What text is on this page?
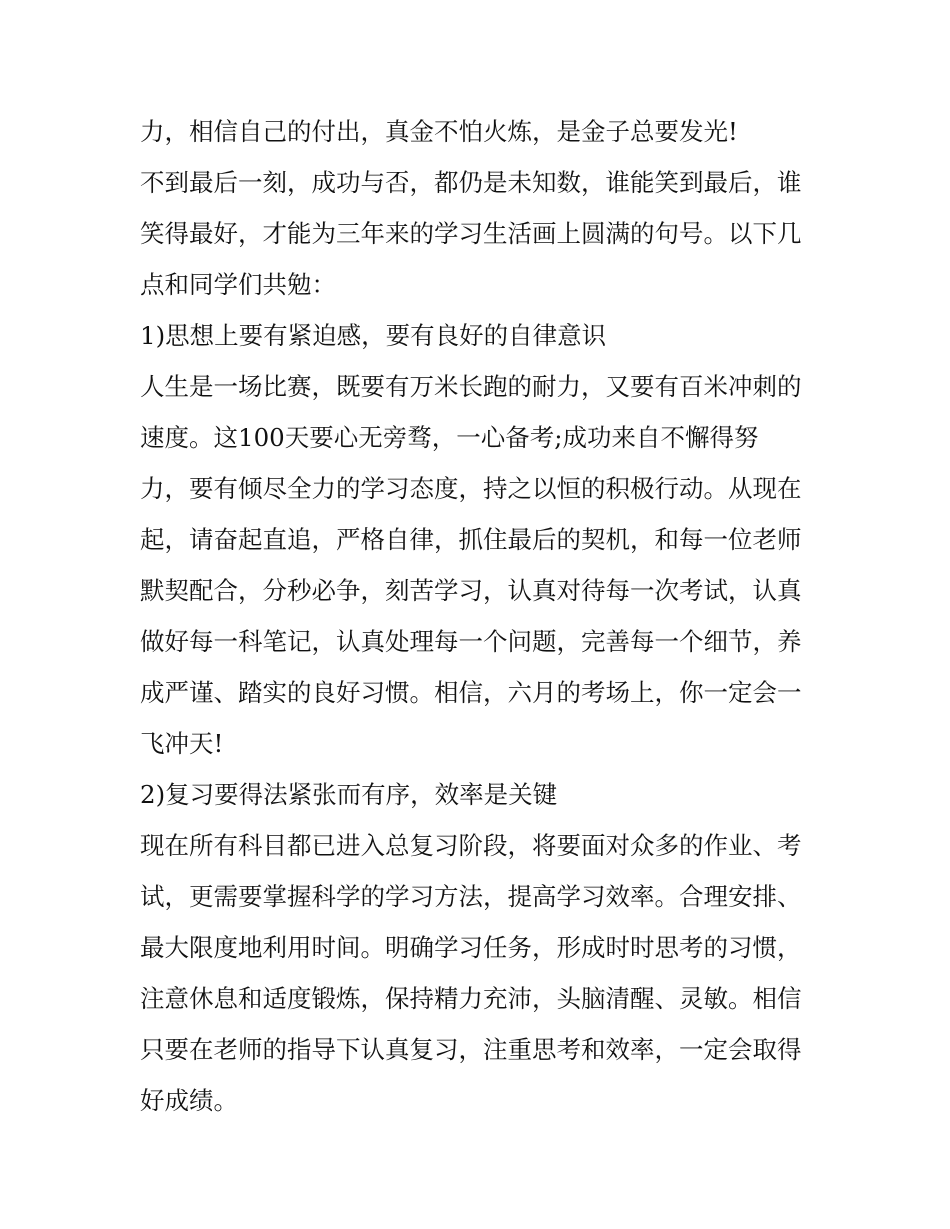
力，相信自己的付出，真金不怕火炼，是金子总要发光!
不到最后一刻，成功与否，都仍是未知数，谁能笑到最后，谁
笑得最好，才能为三年来的学习生活画上圆满的句号。以下几
点和同学们共勉：
1)思想上要有紧迫感，要有良好的自律意识
人生是一场比赛，既要有万米长跑的耐力，又要有百米冲刺的
速度。这100天要心无旁骛，一心备考;成功来自不懈得努
力，要有倾尽全力的学习态度，持之以恒的积极行动。从现在
起，请奋起直追，严格自律，抓住最后的契机，和每一位老师
默契配合，分秒必争，刻苦学习，认真对待每一次考试，认真
做好每一科笔记，认真处理每一个问题，完善每一个细节，养
成严谨、踏实的良好习惯。相信，六月的考场上，你一定会一
飞冲天!
2)复习要得法紧张而有序，效率是关键
现在所有科目都已进入总复习阶段，将要面对众多的作业、考
试，更需要掌握科学的学习方法，提高学习效率。合理安排、
最大限度地利用时间。明确学习任务，形成时时思考的习惯，
注意休息和适度锻炼，保持精力充沛，头脑清醒、灵敏。相信
只要在老师的指导下认真复习，注重思考和效率，一定会取得
好成绩。
